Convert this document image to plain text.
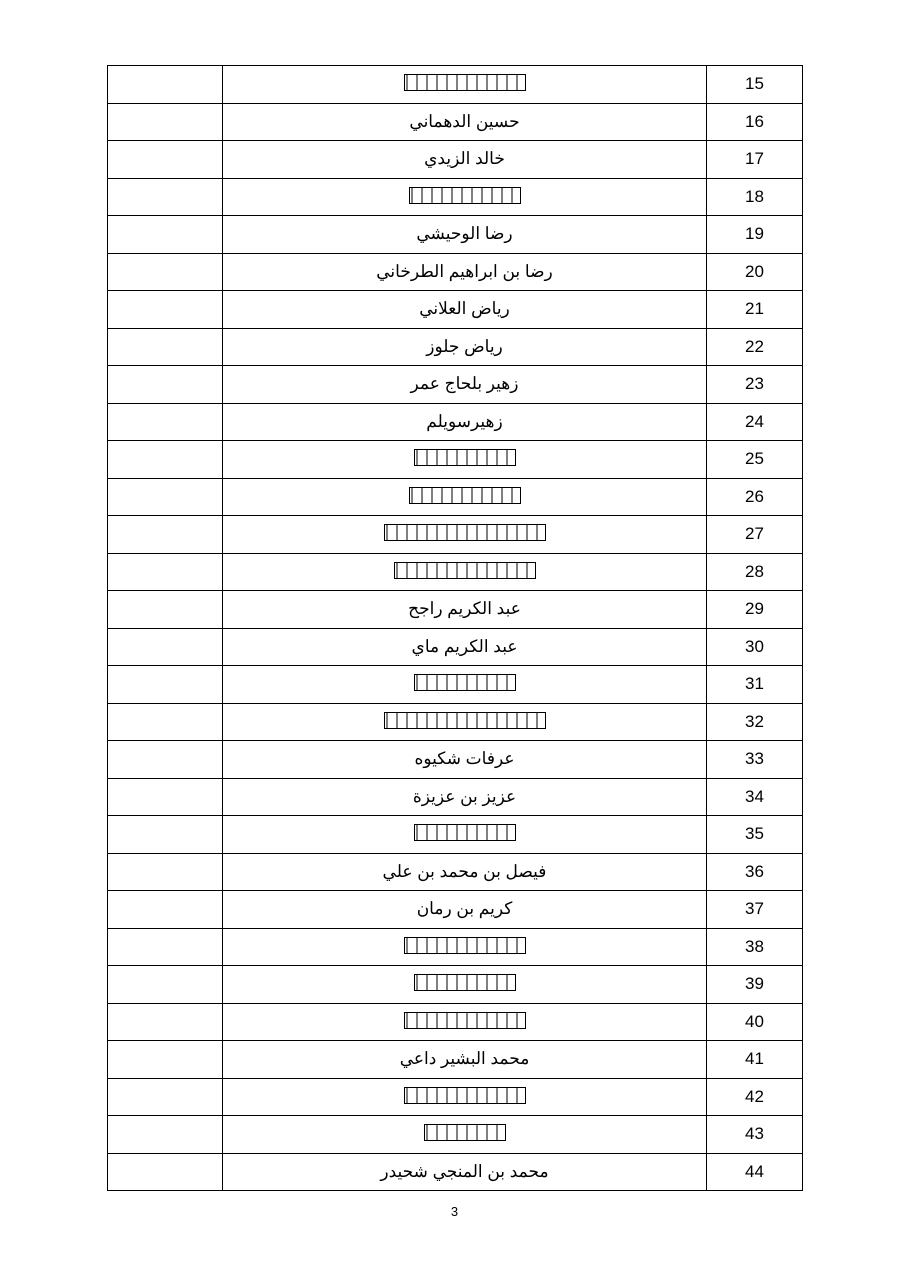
		15
	حسين الدهماني	16
	خالد الزيدي	17
		18
	رضا الوحيشي	19
	رضا بن ابراهيم الطرخاني	20
	رياض العلاني	21
	رياض جلوز	22
	زهير بلحاج عمر	23
	زهيرسويلم	24
		25
		26
		27
		28
	عبد الكريم راجح	29
	عبد الكريم ماي	30
		31
		32
	عرفات شكيوه	33
	عزيز بن عزيزة	34
		35
	فيصل بن محمد بن علي	36
	كريم بن رمان	37
		38
		39
		40
	محمد البشير داعي	41
		42
		43
	محمد بن المنجي شحيدر	44
3
